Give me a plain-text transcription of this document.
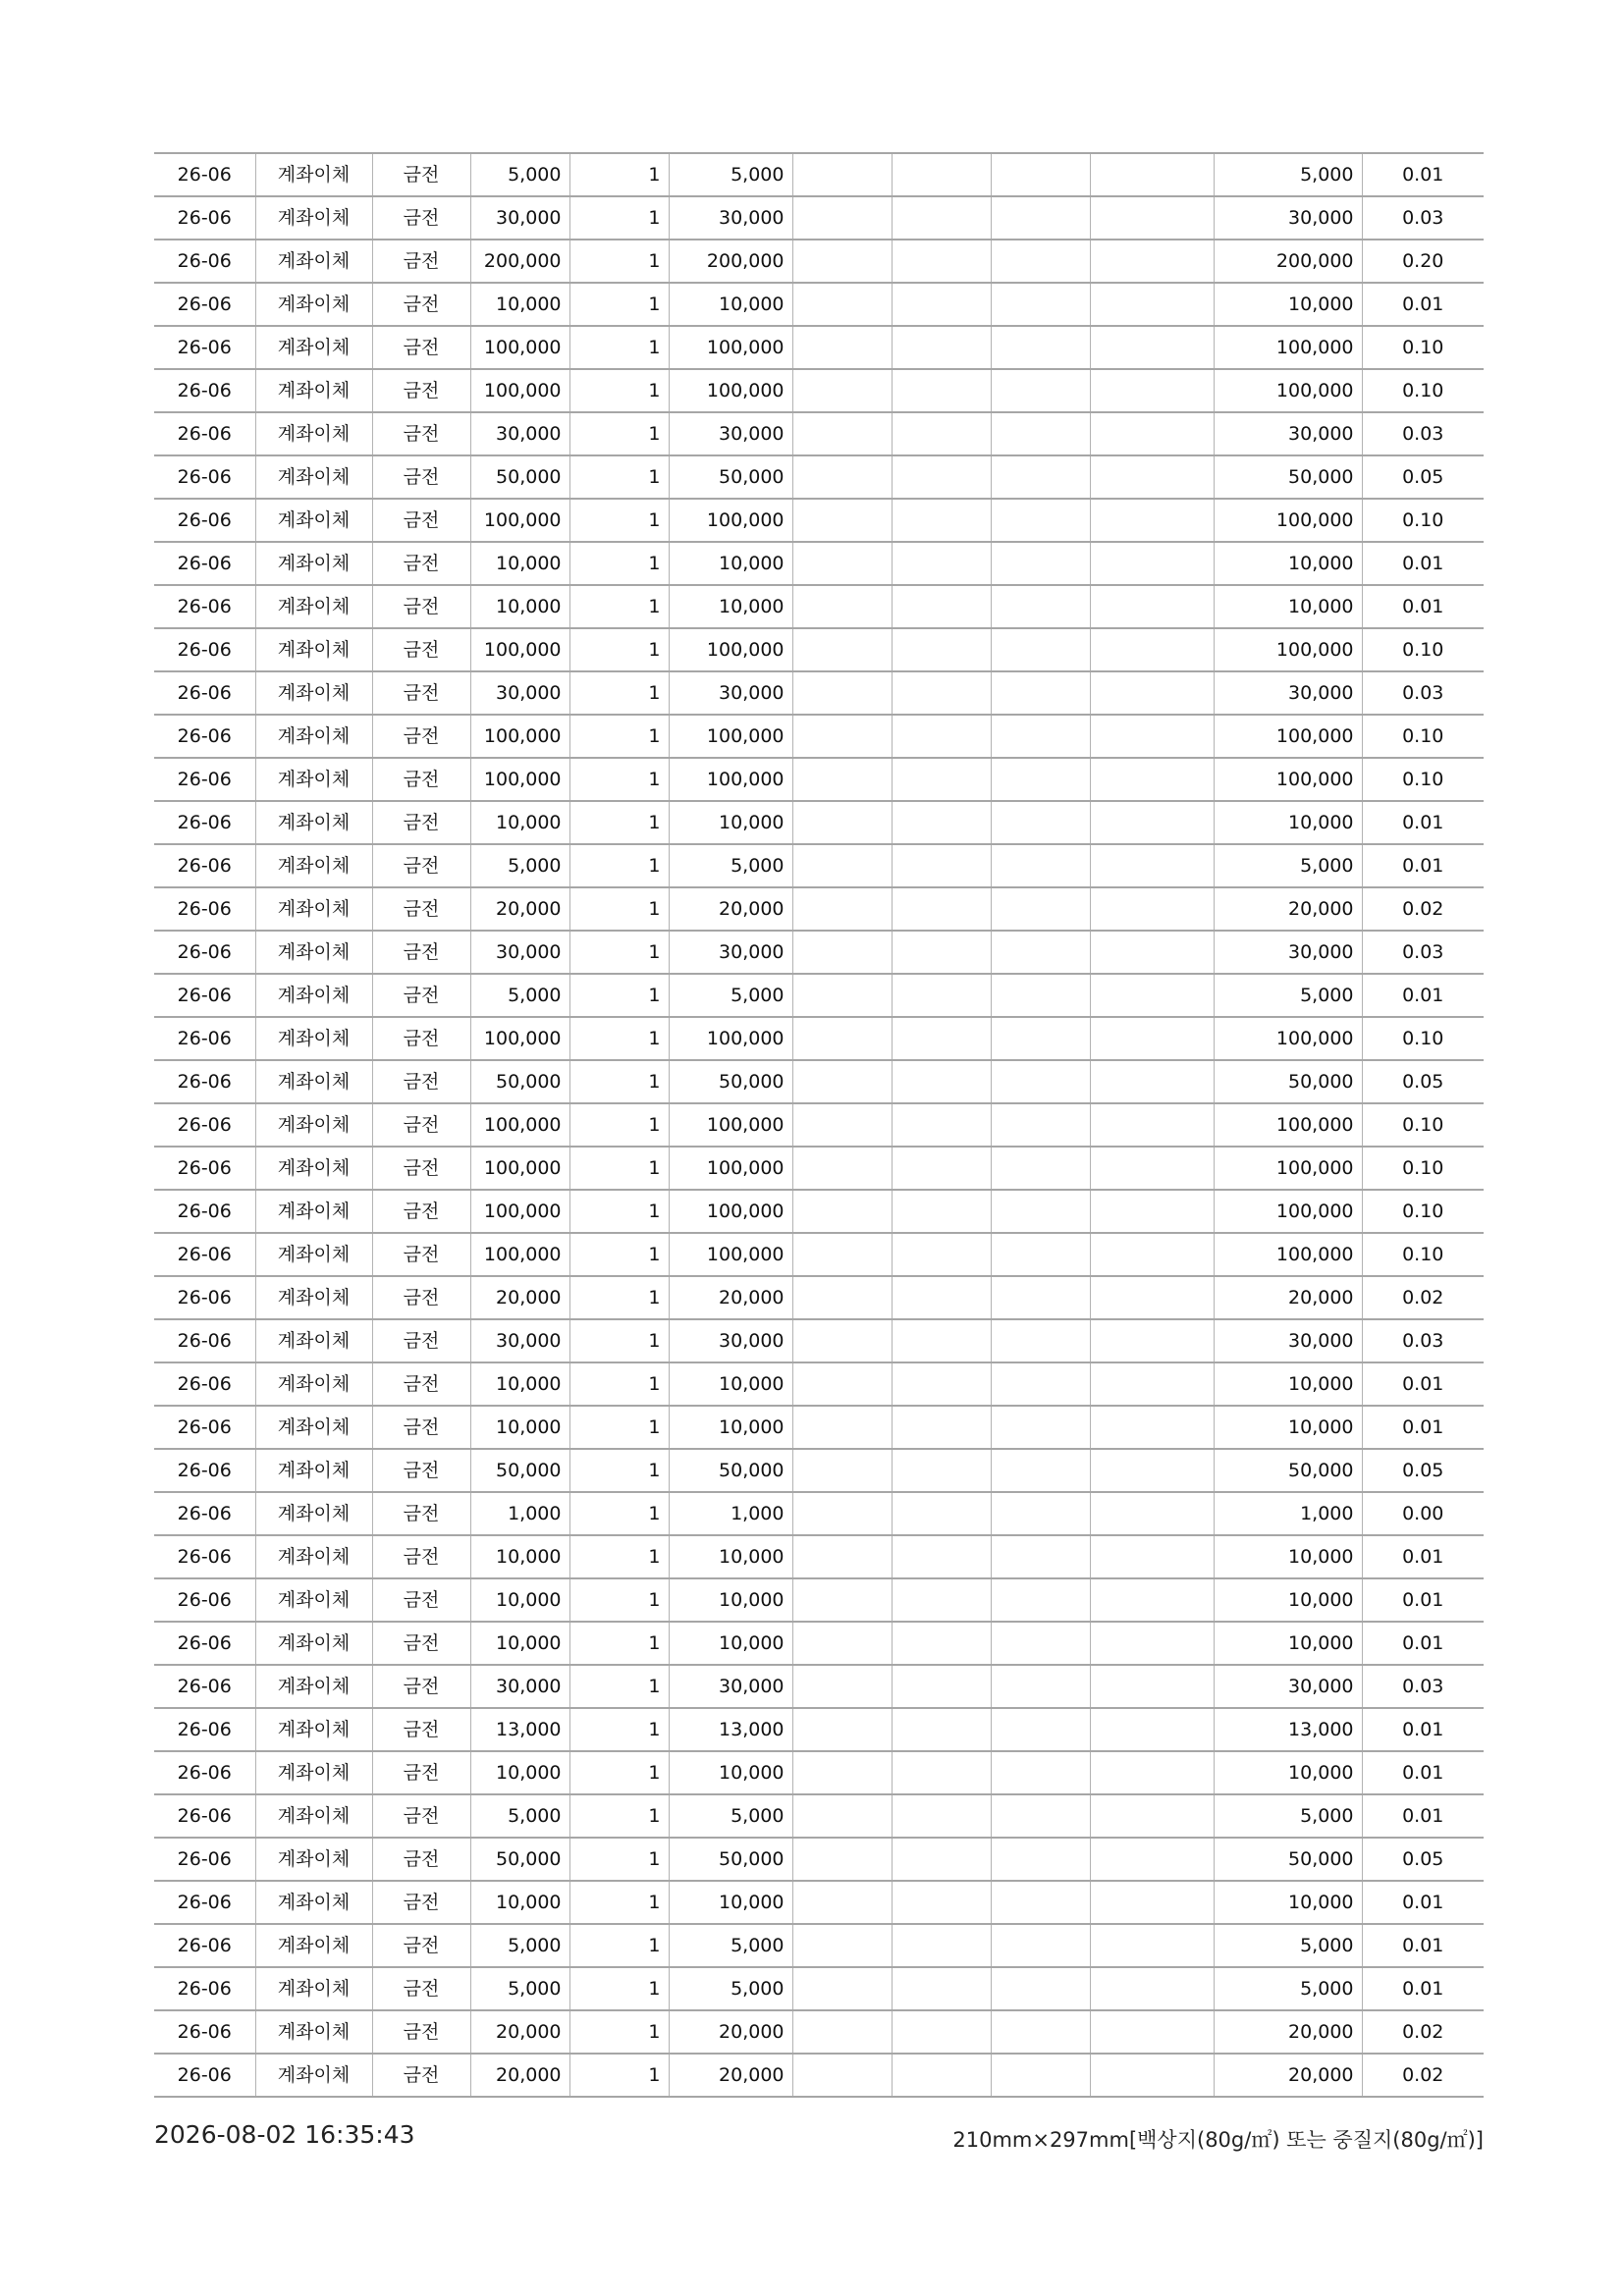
26-06	계좌이체	금전	5,000	1	5,000					5,000	0.01
26-06	계좌이체	금전	30,000	1	30,000					30,000	0.03
26-06	계좌이체	금전	200,000	1	200,000					200,000	0.20
26-06	계좌이체	금전	10,000	1	10,000					10,000	0.01
26-06	계좌이체	금전	100,000	1	100,000					100,000	0.10
26-06	계좌이체	금전	100,000	1	100,000					100,000	0.10
26-06	계좌이체	금전	30,000	1	30,000					30,000	0.03
26-06	계좌이체	금전	50,000	1	50,000					50,000	0.05
26-06	계좌이체	금전	100,000	1	100,000					100,000	0.10
26-06	계좌이체	금전	10,000	1	10,000					10,000	0.01
26-06	계좌이체	금전	10,000	1	10,000					10,000	0.01
26-06	계좌이체	금전	100,000	1	100,000					100,000	0.10
26-06	계좌이체	금전	30,000	1	30,000					30,000	0.03
26-06	계좌이체	금전	100,000	1	100,000					100,000	0.10
26-06	계좌이체	금전	100,000	1	100,000					100,000	0.10
26-06	계좌이체	금전	10,000	1	10,000					10,000	0.01
26-06	계좌이체	금전	5,000	1	5,000					5,000	0.01
26-06	계좌이체	금전	20,000	1	20,000					20,000	0.02
26-06	계좌이체	금전	30,000	1	30,000					30,000	0.03
26-06	계좌이체	금전	5,000	1	5,000					5,000	0.01
26-06	계좌이체	금전	100,000	1	100,000					100,000	0.10
26-06	계좌이체	금전	50,000	1	50,000					50,000	0.05
26-06	계좌이체	금전	100,000	1	100,000					100,000	0.10
26-06	계좌이체	금전	100,000	1	100,000					100,000	0.10
26-06	계좌이체	금전	100,000	1	100,000					100,000	0.10
26-06	계좌이체	금전	100,000	1	100,000					100,000	0.10
26-06	계좌이체	금전	20,000	1	20,000					20,000	0.02
26-06	계좌이체	금전	30,000	1	30,000					30,000	0.03
26-06	계좌이체	금전	10,000	1	10,000					10,000	0.01
26-06	계좌이체	금전	10,000	1	10,000					10,000	0.01
26-06	계좌이체	금전	50,000	1	50,000					50,000	0.05
26-06	계좌이체	금전	1,000	1	1,000					1,000	0.00
26-06	계좌이체	금전	10,000	1	10,000					10,000	0.01
26-06	계좌이체	금전	10,000	1	10,000					10,000	0.01
26-06	계좌이체	금전	10,000	1	10,000					10,000	0.01
26-06	계좌이체	금전	30,000	1	30,000					30,000	0.03
26-06	계좌이체	금전	13,000	1	13,000					13,000	0.01
26-06	계좌이체	금전	10,000	1	10,000					10,000	0.01
26-06	계좌이체	금전	5,000	1	5,000					5,000	0.01
26-06	계좌이체	금전	50,000	1	50,000					50,000	0.05
26-06	계좌이체	금전	10,000	1	10,000					10,000	0.01
26-06	계좌이체	금전	5,000	1	5,000					5,000	0.01
26-06	계좌이체	금전	5,000	1	5,000					5,000	0.01
26-06	계좌이체	금전	20,000	1	20,000					20,000	0.02
26-06	계좌이체	금전	20,000	1	20,000					20,000	0.02
2026-08-02 16:35:43	210mm×297mm[백상지(80g/㎡) 또는 중질지(80g/㎡)]
